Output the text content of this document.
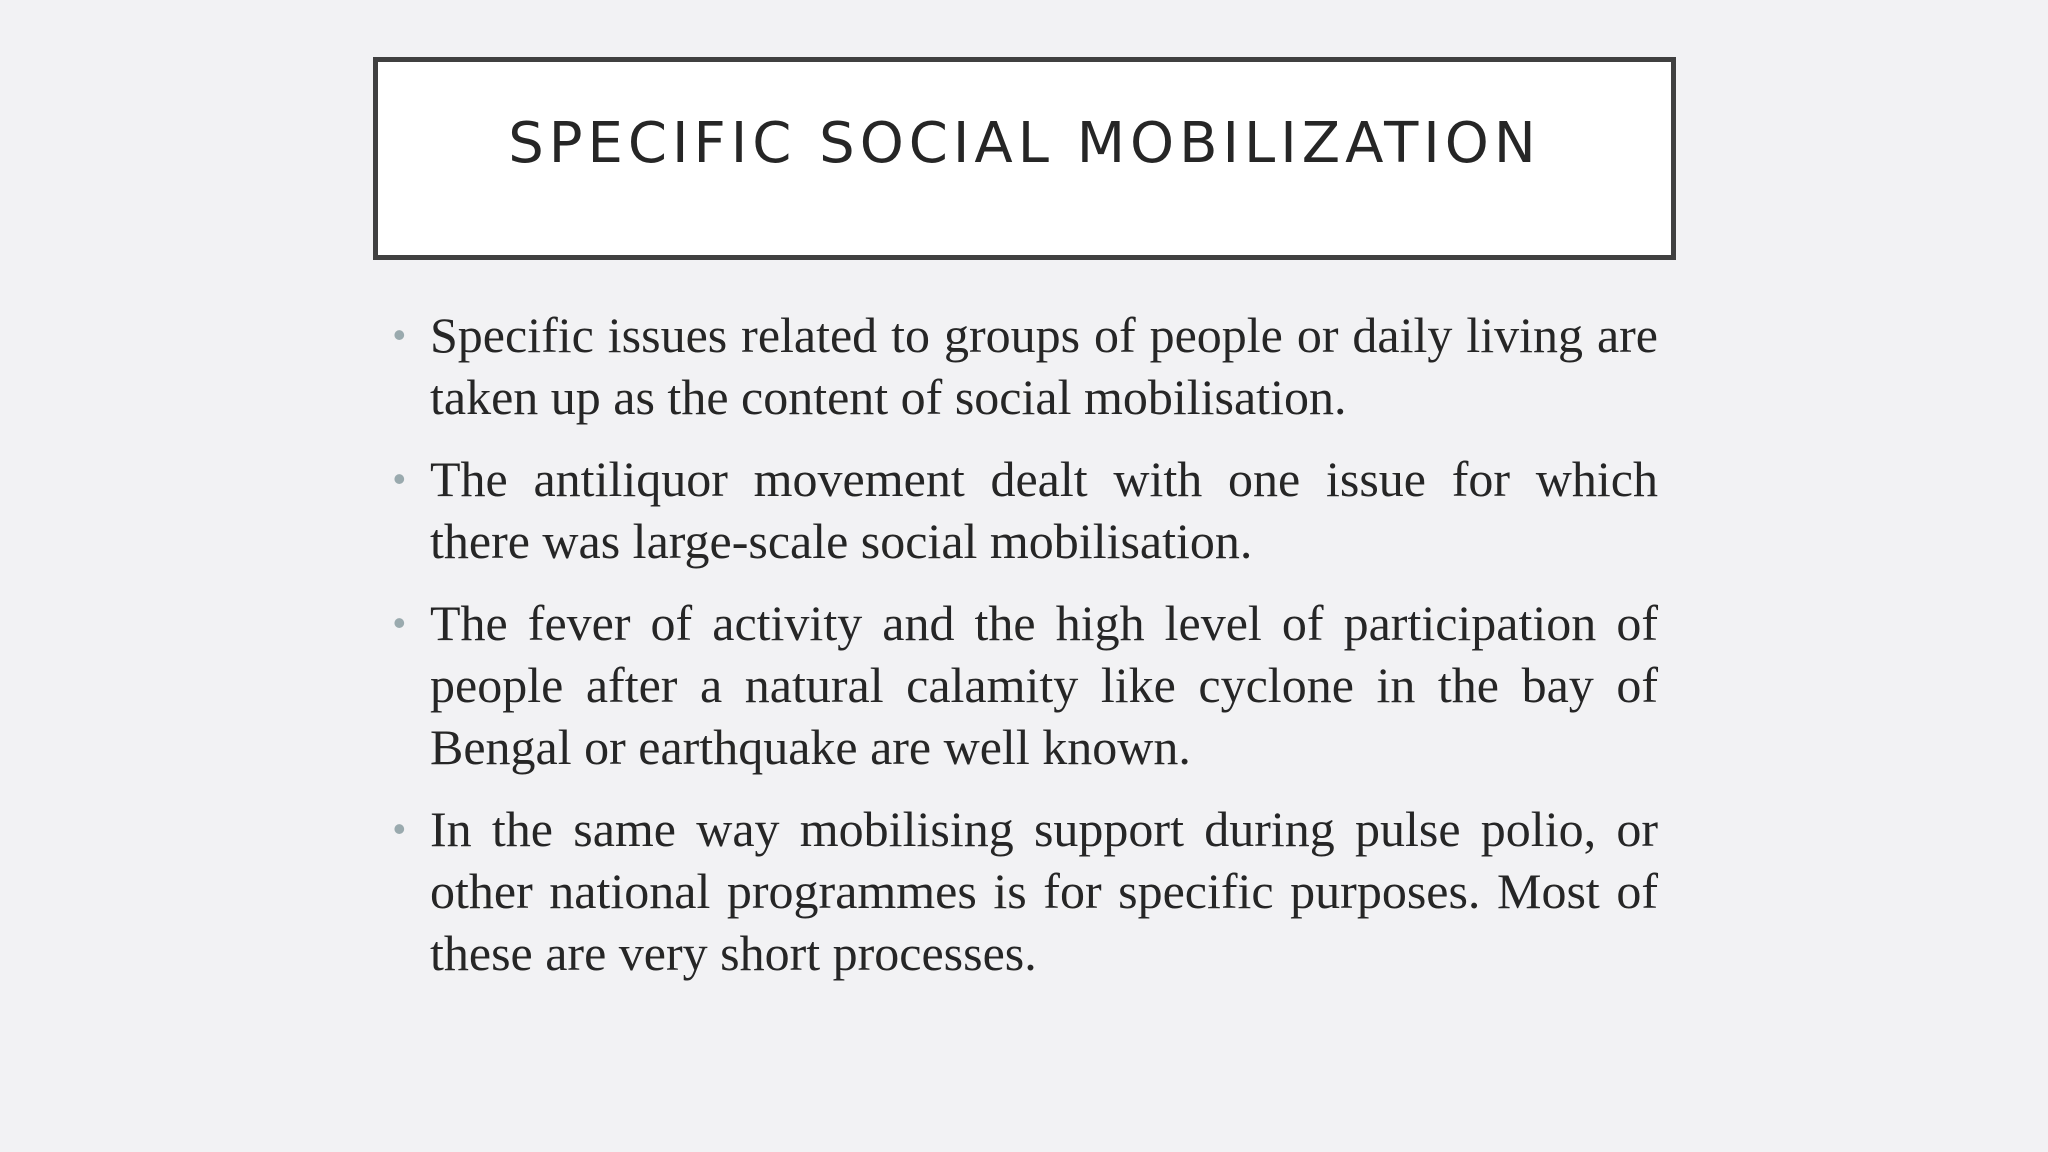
SPECIFIC SOCIAL MOBILIZATION
• Specific issues related to groups of people or daily living are taken up as the content of social mobilisation.
• The antiliquor movement dealt with one issue for which there was large-scale social mobilisation.
• The fever of activity and the high level of participation of people after a natural calamity like cyclone in the bay of Bengal or earthquake are well known.
• In the same way mobilising support during pulse polio, or other national programmes is for specific purposes. Most of these are very short processes.
